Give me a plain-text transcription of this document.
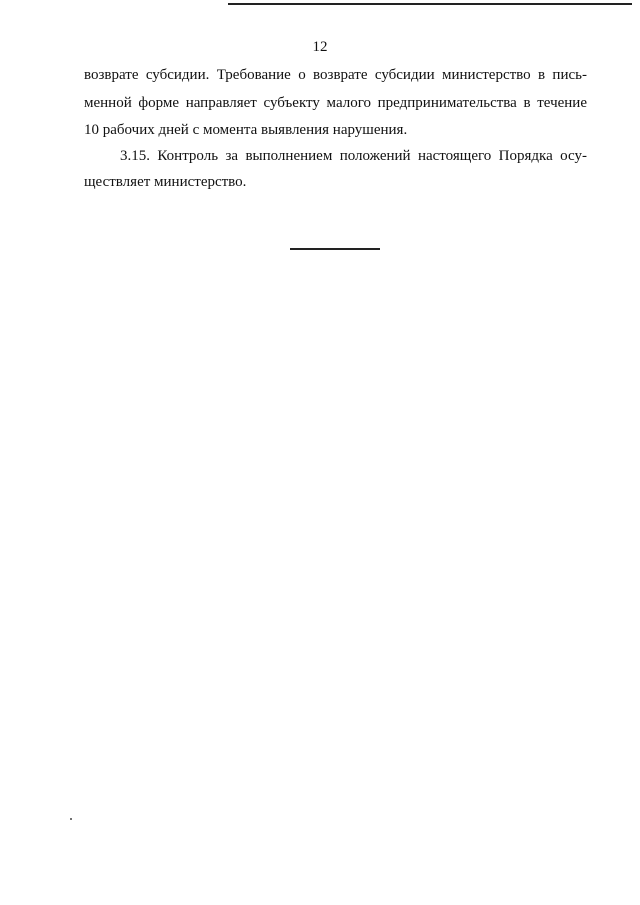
12
возврате субсидии. Требование о возврате субсидии министерство в пись-
менной форме направляет субъекту малого предпринимательства в течение
10 рабочих дней с момента выявления нарушения.
3.15. Контроль за выполнением положений настоящего Порядка осу-
ществляет министерство.
